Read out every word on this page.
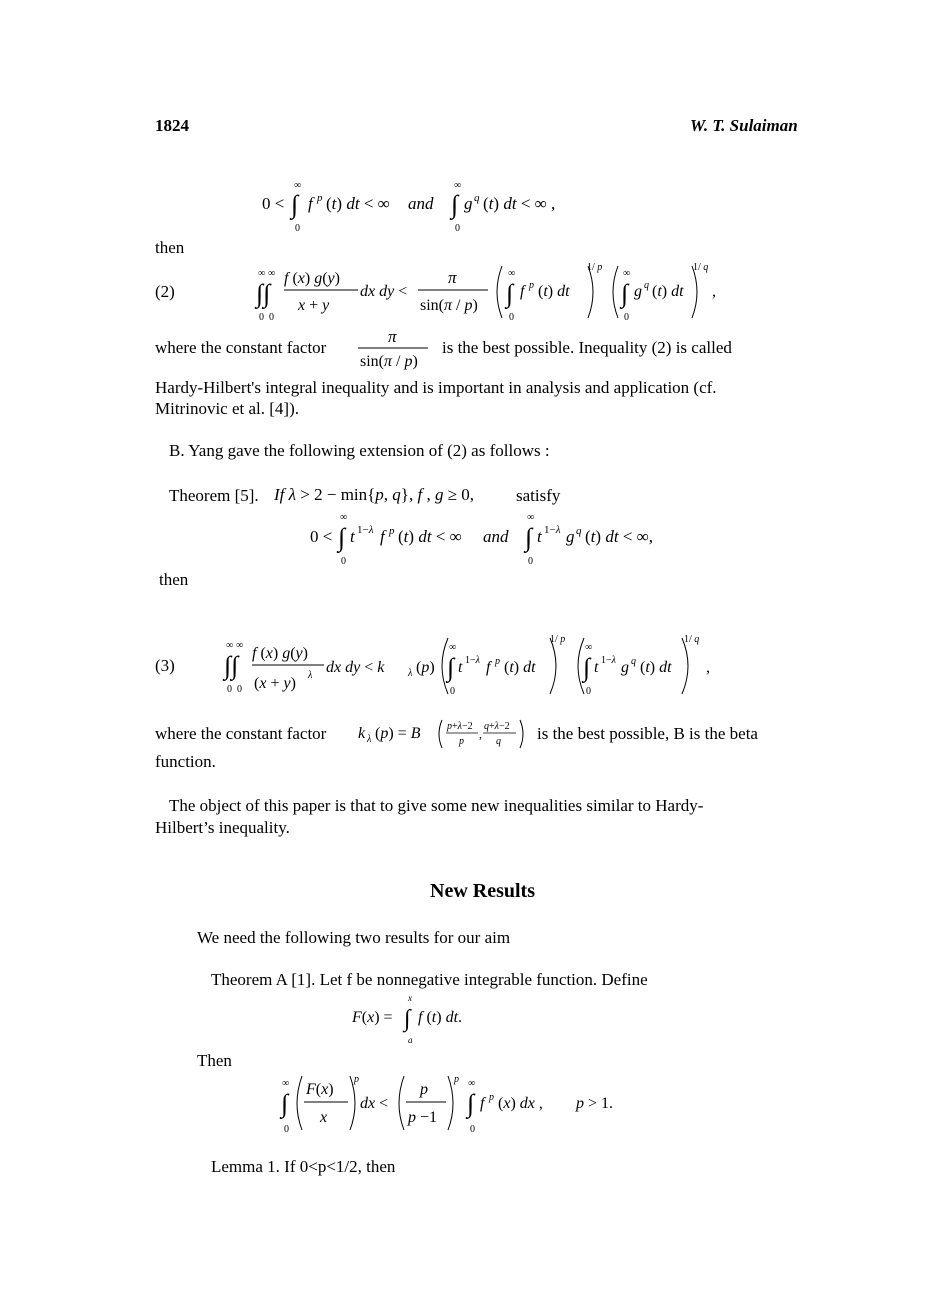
1824	W. T. Sulaiman
∞
0 < ∫
0
f p (t) dt < ∞ and
∞
∫
0
g q (t) dt < ∞ ,
then
(2)
∞ ∞
∫∫
0 0
f (x) g(y)
x + y
dx dy <
π
sin(π / p)
∞
∫
0
f p (t) dt
1/ p
∞
∫
0
g q (t) dt
1/ q
,
where the constant factor
π
sin(π / p)
is the best possible. Inequality (2) is called
Hardy-Hilbert's integral inequality and is important in analysis and application (cf.
Mitrinovic et al. [4]).
B. Yang gave the following extension of (2) as follows :
Theorem [5]. If λ > 2 − min{p, q}, f , g ≥ 0, satisfy
∞
0 < ∫
0
t 1−λ f p (t) dt < ∞ and
∞
∫
0
t 1−λ g q (t) dt < ∞,
then
(3)
∞ ∞
∫∫
0 0
f (x) g(y)
(x + y) λ dx dy < k λ (p)
∞
∫
0
t 1−λ f p (t) dt
1/ p
∞
∫
0
t 1−λ g q (t) dt
1/ q
,
where the constant factor k λ (p) = B	p+λ−2
p
,
q+λ−2
q is the best possible, B is the beta
function.
The object of this paper is that to give some new inequalities similar to Hardy-
Hilbert’s inequality.
New Results
We need the following two results for our aim
Theorem A [1]. Let f be nonnegative integrable function. Define
x
F(x) = ∫
a
f (t) dt.
Then
∞
∫
0
F(x)
x
p
dx <
p
p −1
p ∞
∫
0
f p (x) dx , p > 1.
Lemma 1. If 0<p<1/2, then
